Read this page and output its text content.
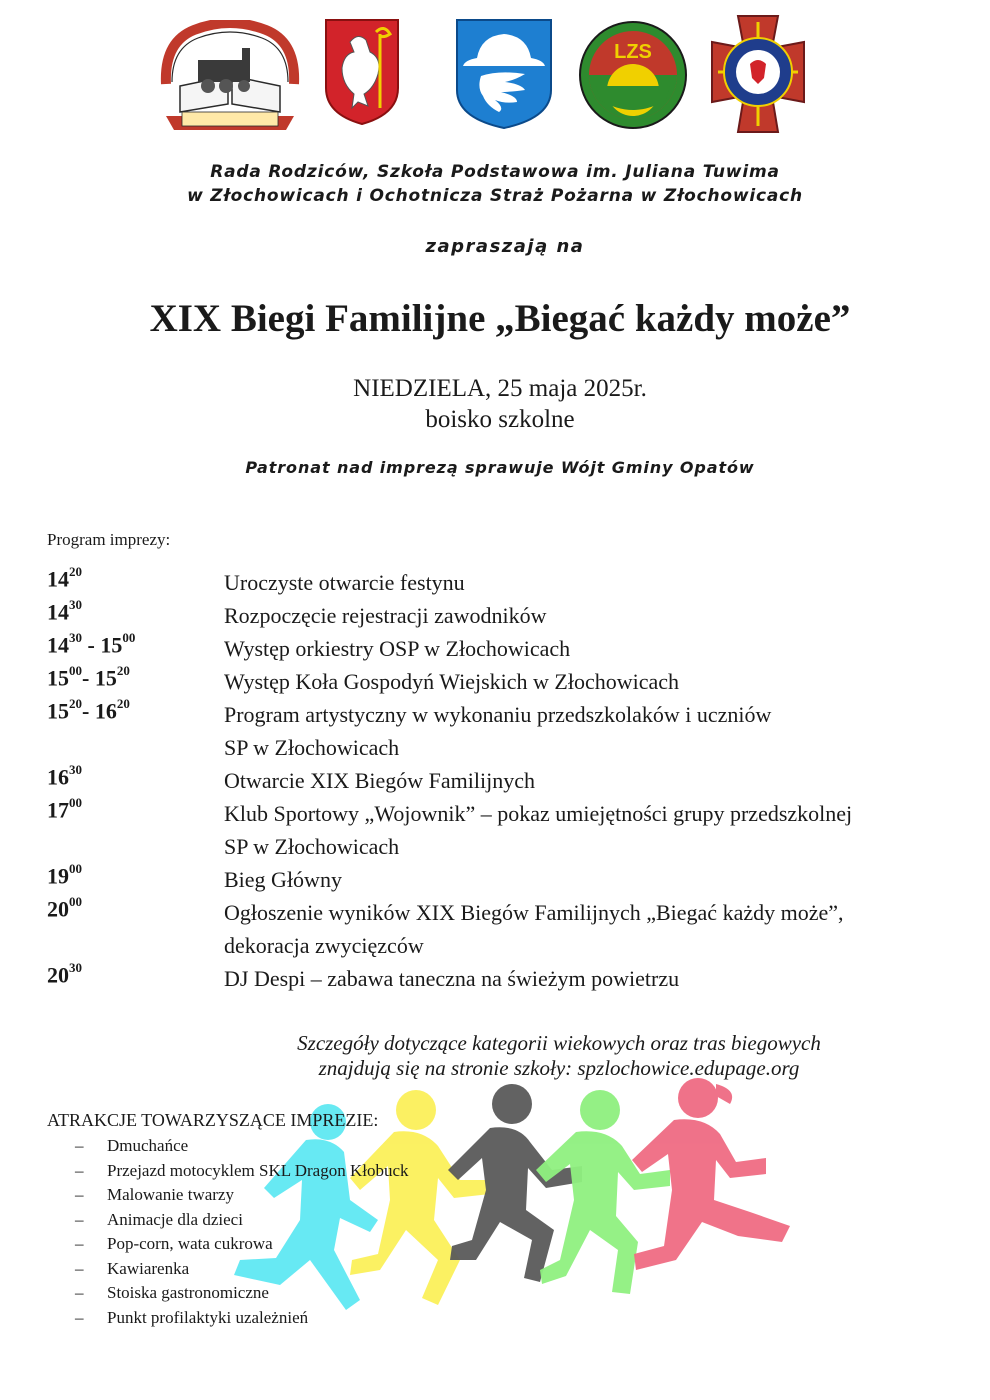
LZS
Rada Rodziców, Szkoła Podstawowa im. Juliana Tuwima
w Złochowicach i Ochotnicza Straż Pożarna w Złochowicach
zapraszają na
XIX Biegi Familijne „Biegać każdy może”
NIEDZIELA, 25 maja 2025r.
boisko szkolne
Patronat nad imprezą sprawuje Wójt Gminy Opatów
Program imprezy:
$14^{20}$	Uroczyste otwarcie festynu
$14^{30}$	Rozpoczęcie rejestracji zawodników
$14^{30} - 15^{00}$	Występ orkiestry OSP w Złochowicach
$15^{00}-$ $15^{20}$	Występ Koła Gospodyń Wiejskich w Złochowicach
$15^{20}-$ $16^{20}$	Program artystyczny w wykonaniu przedszkolaków i uczniów
SP w Złochowicach
$16^{30}$	Otwarcie XIX Biegów Familijnych
$17^{00}$	Klub Sportowy „Wojownik” – pokaz umiejętności grupy przedszkolnej
SP w Złochowicach
$19^{00}$	Bieg Główny
$20^{00}$	Ogłoszenie wyników XIX Biegów Familijnych „Biegać każdy może”,
dekoracja zwycięzców
$20^{30}$	DJ Despi – zabawa taneczna na świeżym powietrzu
Szczegóły dotyczące kategorii wiekowych oraz tras biegowych
znajdują się na stronie szkoły: spzlochowice.edupage.org
ATRAKCJE TOWARZYSZĄCE IMPREZIE:
– Dmuchańce
– Przejazd motocyklem SKL Dragon Kłobuck
– Malowanie twarzy
– Animacje dla dzieci
– Pop-corn, wata cukrowa
– Kawiarenka
– Stoiska gastronomiczne
– Punkt profilaktyki uzależnień
